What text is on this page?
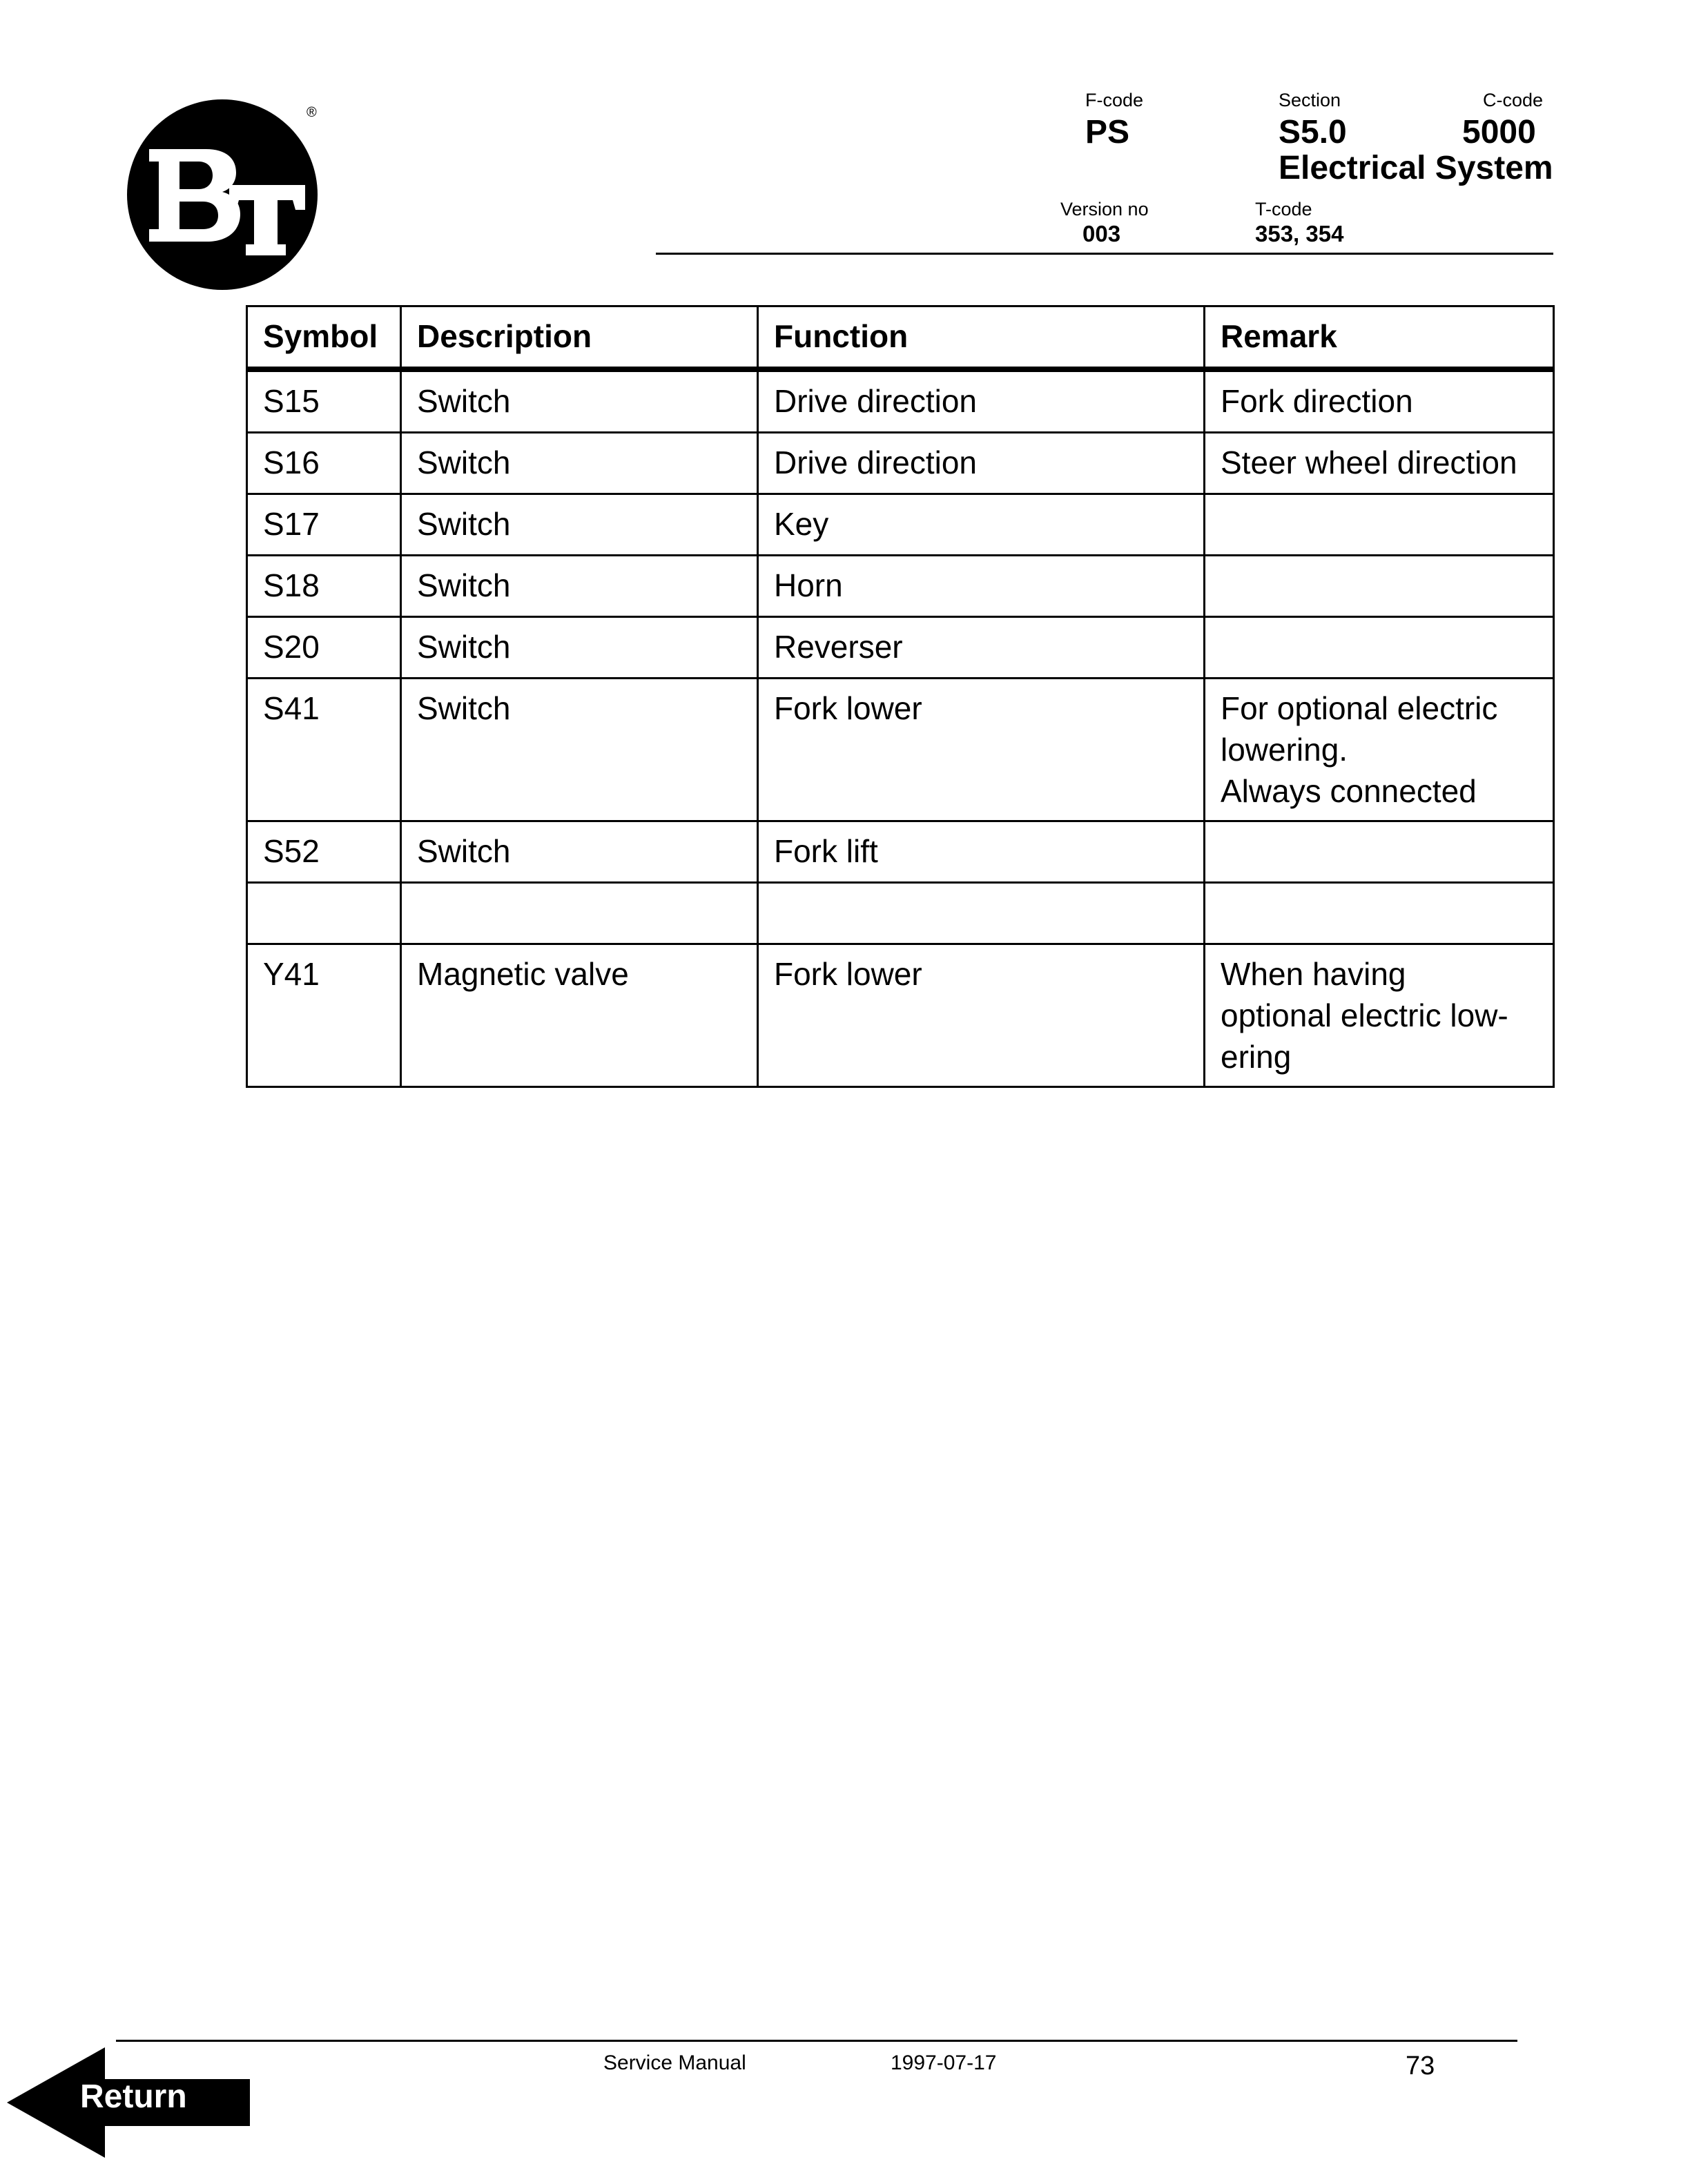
®
F-code
PS
Section
S5.0
C-code
5000
Electrical System
Version no
003
T-code
353, 354
Symbol	Description	Function	Remark
S15	Switch	Drive direction	Fork direction
S16	Switch	Drive direction	Steer wheel direction
S17	Switch	Key	
S18	Switch	Horn	
S20	Switch	Reverser	
S41	Switch	Fork lower	For optional electric
lowering.
Always connected
S52	Switch	Fork lift	

Y41	Magnetic valve	Fork lower	When having
optional electric low-
ering
Service Manual	1997-07-17	73
Return
